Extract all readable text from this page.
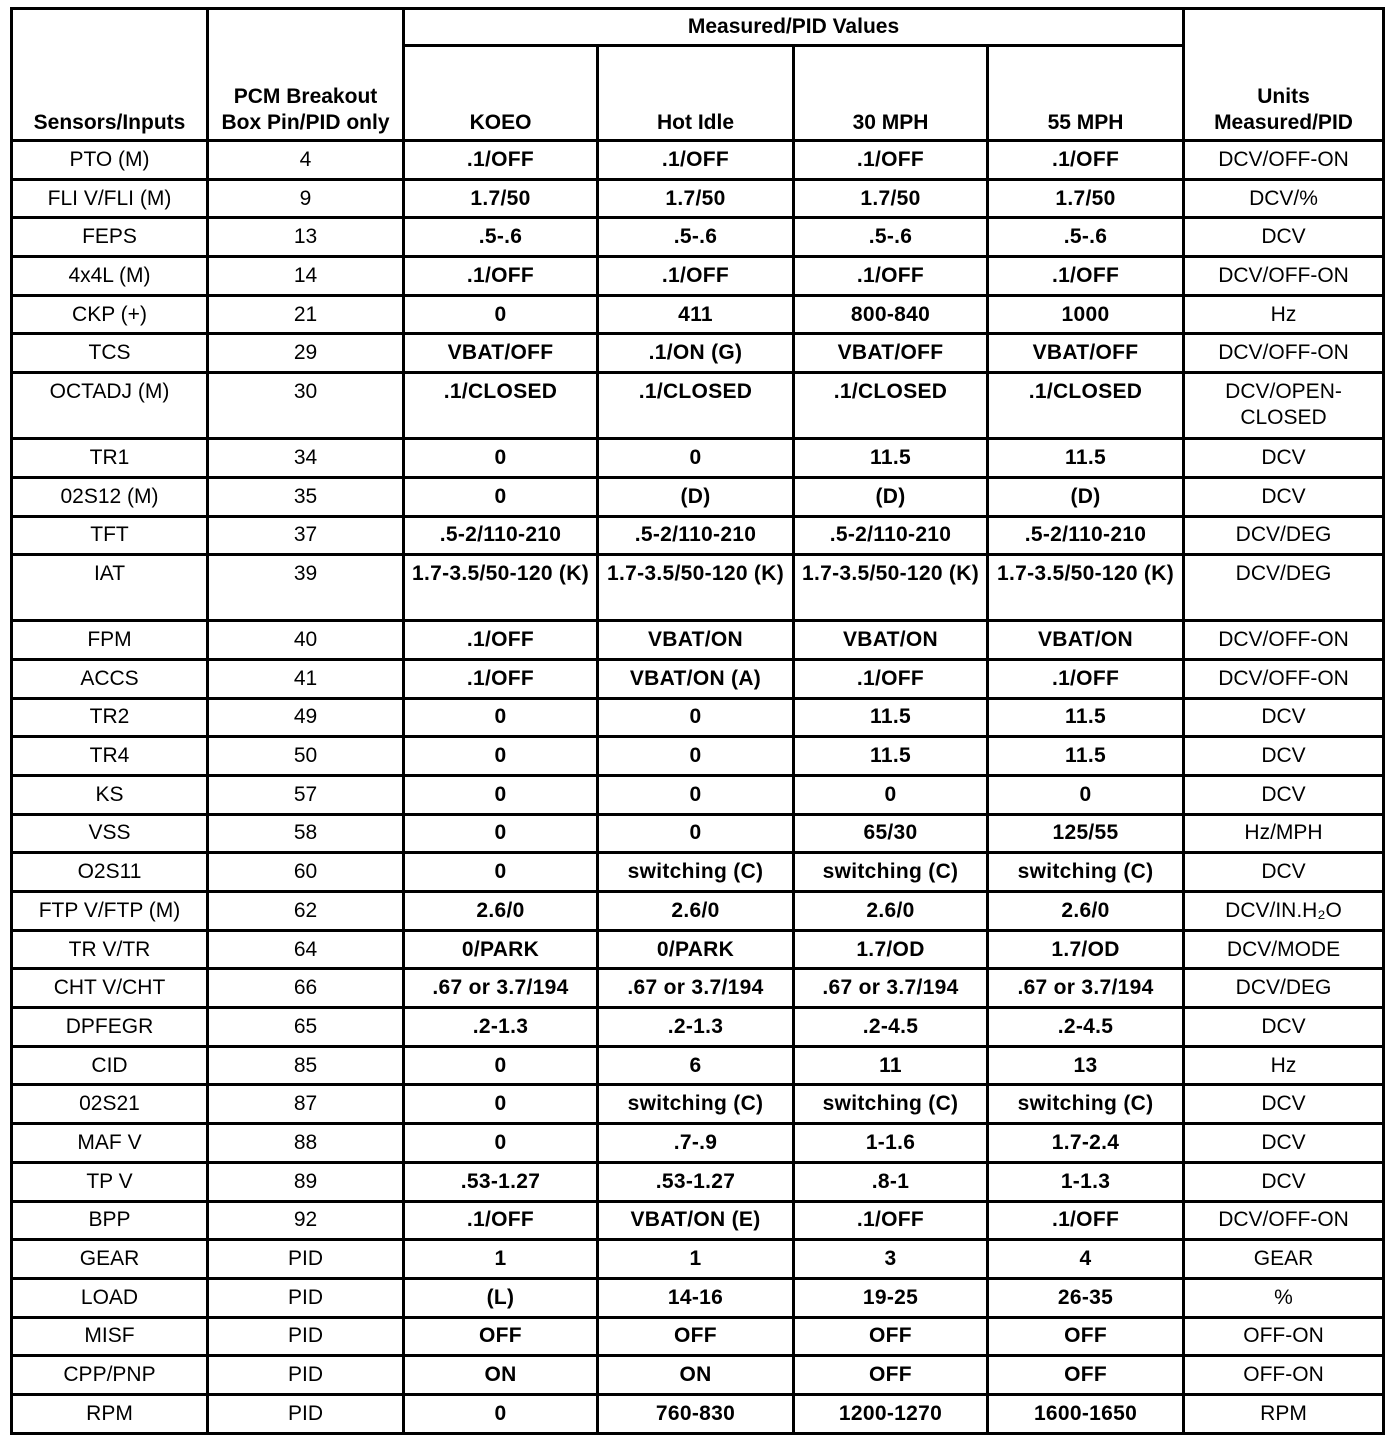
Sensors/Inputs	PCM Breakout Box Pin/PID only	Measured/PID Values				Units Measured/PID
		KOEO	Hot Idle	30 MPH	55 MPH	
PTO (M)	4	.1/OFF	.1/OFF	.1/OFF	.1/OFF	DCV/OFF-ON
FLI V/FLI (M)	9	1.7/50	1.7/50	1.7/50	1.7/50	DCV/%
FEPS	13	.5-.6	.5-.6	.5-.6	.5-.6	DCV
4x4L (M)	14	.1/OFF	.1/OFF	.1/OFF	.1/OFF	DCV/OFF-ON
CKP (+)	21	0	411	800-840	1000	Hz
TCS	29	VBAT/OFF	.1/ON (G)	VBAT/OFF	VBAT/OFF	DCV/OFF-ON
OCTADJ (M)	30	.1/CLOSED	.1/CLOSED	.1/CLOSED	.1/CLOSED	DCV/OPEN-CLOSED
TR1	34	0	0	11.5	11.5	DCV
02S12 (M)	35	0	(D)	(D)	(D)	DCV
TFT	37	.5-2/110-210	.5-2/110-210	.5-2/110-210	.5-2/110-210	DCV/DEG
IAT	39	1.7-3.5/50-120 (K)	1.7-3.5/50-120 (K)	1.7-3.5/50-120 (K)	1.7-3.5/50-120 (K)	DCV/DEG
FPM	40	.1/OFF	VBAT/ON	VBAT/ON	VBAT/ON	DCV/OFF-ON
ACCS	41	.1/OFF	VBAT/ON (A)	.1/OFF	.1/OFF	DCV/OFF-ON
TR2	49	0	0	11.5	11.5	DCV
TR4	50	0	0	11.5	11.5	DCV
KS	57	0	0	0	0	DCV
VSS	58	0	0	65/30	125/55	Hz/MPH
O2S11	60	0	switching (C)	switching (C)	switching (C)	DCV
FTP V/FTP (M)	62	2.6/0	2.6/0	2.6/0	2.6/0	DCV/IN.H₂O
TR V/TR	64	0/PARK	0/PARK	1.7/OD	1.7/OD	DCV/MODE
CHT V/CHT	66	.67 or 3.7/194	.67 or 3.7/194	.67 or 3.7/194	.67 or 3.7/194	DCV/DEG
DPFEGR	65	.2-1.3	.2-1.3	.2-4.5	.2-4.5	DCV
CID	85	0	6	11	13	Hz
02S21	87	0	switching (C)	switching (C)	switching (C)	DCV
MAF V	88	0	.7-.9	1-1.6	1.7-2.4	DCV
TP V	89	.53-1.27	.53-1.27	.8-1	1-1.3	DCV
BPP	92	.1/OFF	VBAT/ON (E)	.1/OFF	.1/OFF	DCV/OFF-ON
GEAR	PID	1	1	3	4	GEAR
LOAD	PID	(L)	14-16	19-25	26-35	%
MISF	PID	OFF	OFF	OFF	OFF	OFF-ON
CPP/PNP	PID	ON	ON	OFF	OFF	OFF-ON
RPM	PID	0	760-830	1200-1270	1600-1650	RPM
